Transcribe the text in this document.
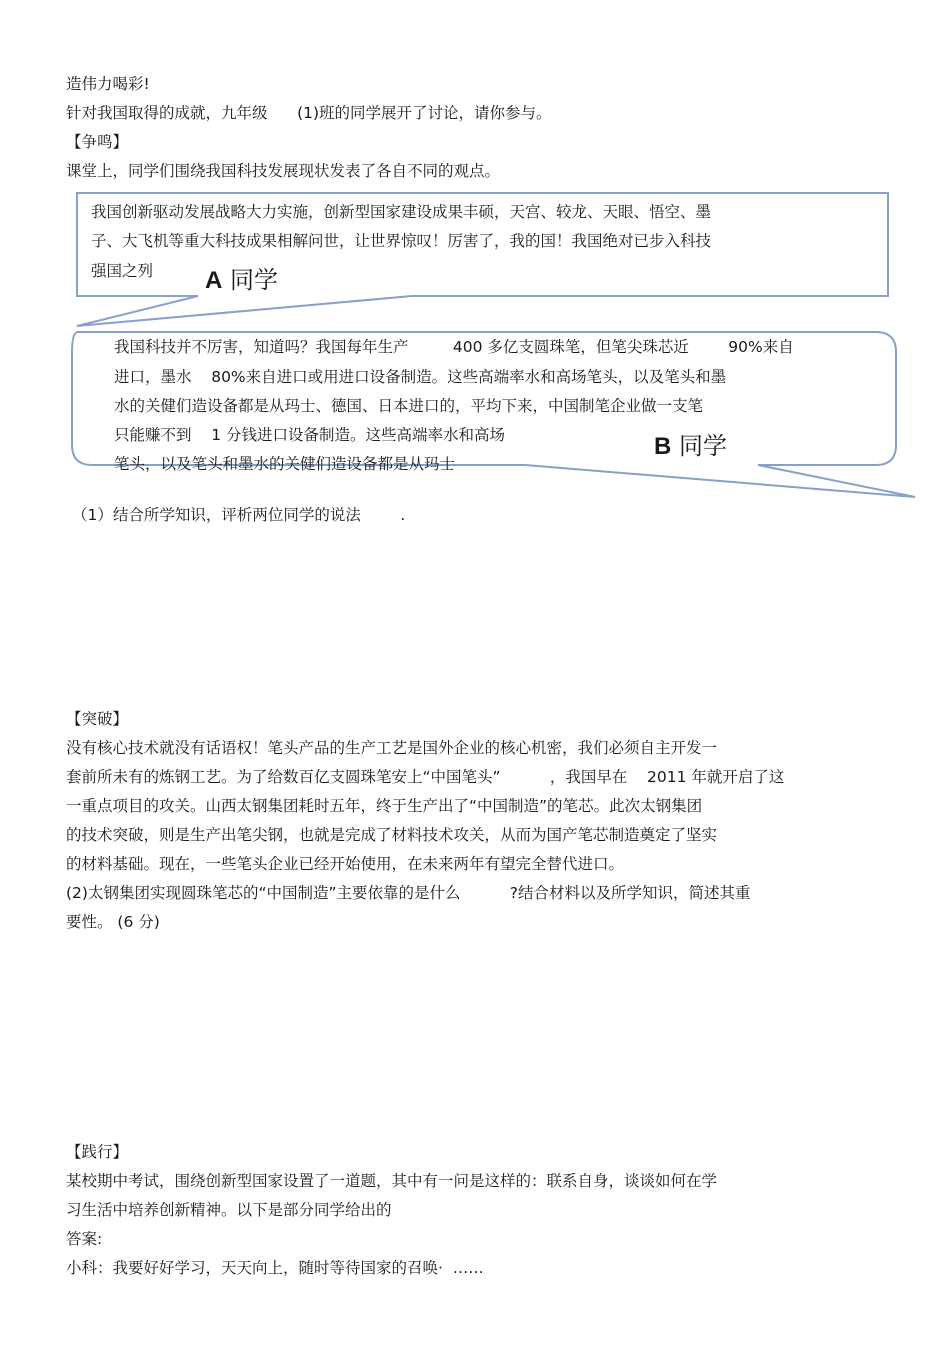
造伟力喝彩!
针对我国取得的成就，九年级      (1)班的同学展开了讨论，请你参与。
【争鸣】
课堂上，同学们围绕我国科技发展现状发表了各自不同的观点。
我国创新驱动发展战略大力实施，创新型国家建设成果丰硕，天宫、较龙、天眼、悟空、墨
子、大飞机等重大科技成果相解问世，让世界惊叹！厉害了，我的国！我国绝对已步入科技
强国之列 A 同学
我国科技并不厉害，知道吗？我国每年生产         400 多亿支圆珠笔，但笔尖珠芯近        90%来自
进口，墨水    80%来自进口或用进口设备制造。这些高端率水和高场笔头，以及笔头和墨
水的关健们造设备都是从玛士、德国、日本进口的，平均下来，中国制笔企业做一支笔
只能赚不到    1 分钱进口设备制造。这些高端率水和高场
笔头，以及笔头和墨水的关健们造设备都是从玛士
B 同学
（1）结合所学知识，评析两位同学的说法        .
【突破】
没有核心技术就没有话语权！笔头产品的生产工艺是国外企业的核心机密，我们必须自主开发一
套前所未有的炼钢工艺。为了给数百亿支圆珠笔安上“中国笔头”          ，我国早在    2011 年就开启了这
一重点项目的攻关。山西太钢集团耗时五年，终于生产出了“中国制造”的笔芯。此次太钢集团
的技术突破，则是生产出笔尖钢，也就是完成了材料技术攻关，从而为国产笔芯制造奠定了坚实
的材料基础。现在，一些笔头企业已经开始使用，在未来两年有望完全替代进口。
(2)太钢集团实现圆珠笔芯的“中国制造”主要依靠的是什么          ?结合材料以及所学知识，简述其重
要性。 (6 分)
【践行】
某校期中考试，围绕创新型国家设置了一道题，其中有一问是这样的：联系自身，谈谈如何在学
习生活中培养创新精神。以下是部分同学给出的
答案:
小科：我要好好学习，天天向上，随时等待国家的召唤·  ……
